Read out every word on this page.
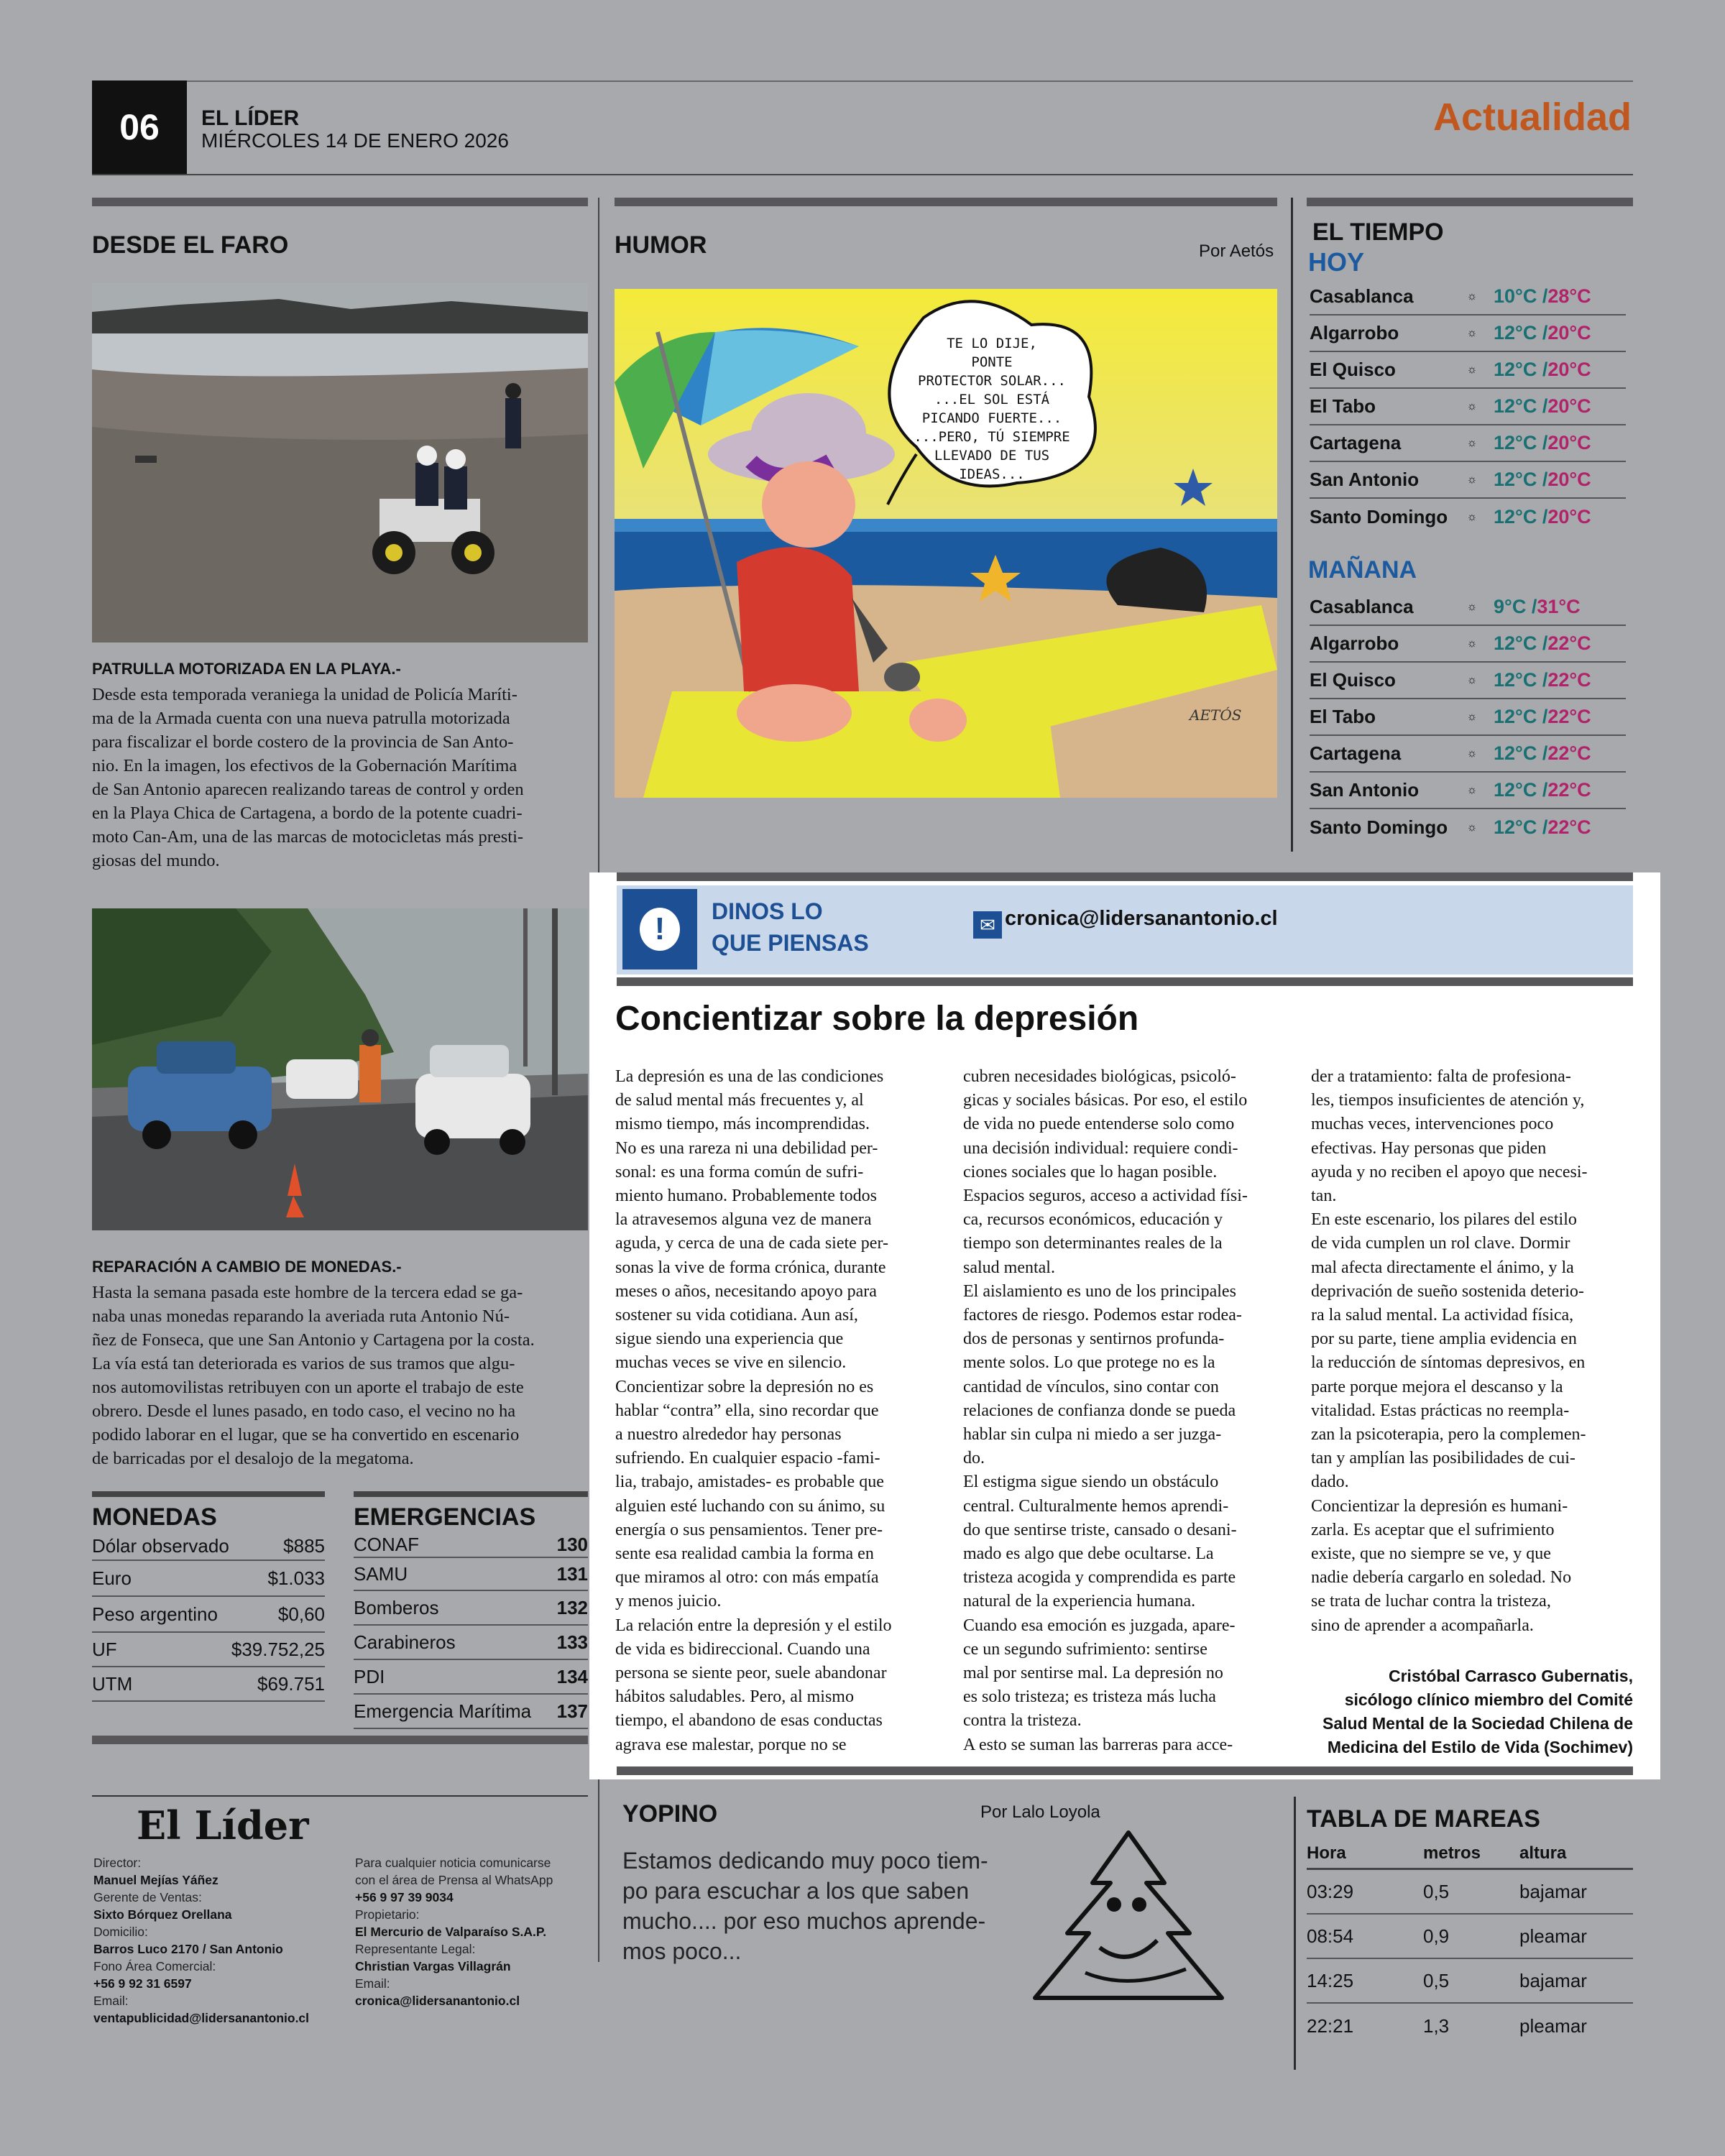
06 EL LÍDER
MIÉRCOLES 14 DE ENERO 2026
Actualidad
DESDE EL FARO
PATRULLA MOTORIZADA EN LA PLAYA.-
Desde esta temporada veraniega la unidad de Policía Maríti-
ma de la Armada cuenta con una nueva patrulla motorizada
para fiscalizar el borde costero de la provincia de San Anto-
nio. En la imagen, los efectivos de la Gobernación Marítima
de San Antonio aparecen realizando tareas de control y orden
en la Playa Chica de Cartagena, a bordo de la potente cuadri-
moto Can-Am, una de las marcas de motocicletas más presti-
giosas del mundo.
REPARACIÓN A CAMBIO DE MONEDAS.-
Hasta la semana pasada este hombre de la tercera edad se ga-
naba unas monedas reparando la averiada ruta Antonio Nú-
ñez de Fonseca, que une San Antonio y Cartagena por la costa.
La vía está tan deteriorada es varios de sus tramos que algu-
nos automovilistas retribuyen con un aporte el trabajo de este
obrero. Desde el lunes pasado, en todo caso, el vecino no ha
podido laborar en el lugar, que se ha convertido en escenario
de barricadas por el desalojo de la megatoma.
MONEDAS
Dólar observado	$885
Euro	$1.033
Peso argentino	$0,60
UF	$39.752,25
UTM	$69.751
EMERGENCIAS
CONAF	130
SAMU	131
Bomberos	132
Carabineros	133
PDI	134
Emergencia Marítima 137
HUMOR	Por Aetós
TE LO DIJE,
PONTE
PROTECTOR SOLAR...
...EL SOL ESTÁ
PICANDO FUERTE...
...PERO, TÚ SIEMPRE
LLEVADO DE TUS
IDEAS...
AETÓS
EL TIEMPO
HOY
Casablanca	☼ 10°C /28°C
Algarrobo	☼ 12°C /20°C
El Quisco	☼ 12°C /20°C
El Tabo	☼ 12°C /20°C
Cartagena	☼ 12°C /20°C
San Antonio	☼ 12°C /20°C
Santo Domingo	☼ 12°C /20°C
MAÑANA
Casablanca	☼ 9°C /31°C
Algarrobo	☼ 12°C /22°C
El Quisco	☼ 12°C /22°C
El Tabo	☼ 12°C /22°C
Cartagena	☼ 12°C /22°C
San Antonio	☼ 12°C /22°C
Santo Domingo	☼ 12°C /22°C
!	DINOS LO
QUE PIENSAS
✉ cronica@lidersanantonio.cl
Concientizar sobre la depresión

La depresión es una de las condiciones

de salud mental más frecuentes y, al

mismo tiempo, más incomprendidas.

No es una rareza ni una debilidad per-

sonal: es una forma común de sufri-

miento humano. Probablemente todos

la atravesemos alguna vez de manera

aguda, y cerca de una de cada siete per-

sonas la vive de forma crónica, durante

meses o años, necesitando apoyo para

sostener su vida cotidiana. Aun así,

sigue siendo una experiencia que

muchas veces se vive en silencio.

Concientizar sobre la depresión no es

hablar “contra” ella, sino recordar que

a nuestro alrededor hay personas

sufriendo. En cualquier espacio -fami-

lia, trabajo, amistades- es probable que

alguien esté luchando con su ánimo, su

energía o sus pensamientos. Tener pre-

sente esa realidad cambia la forma en

que miramos al otro: con más empatía

y menos juicio.

La relación entre la depresión y el estilo

de vida es bidireccional. Cuando una

persona se siente peor, suele abandonar

hábitos saludables. Pero, al mismo

tiempo, el abandono de esas conductas

agrava ese malestar, porque no se

cubren necesidades biológicas, psicoló-

gicas y sociales básicas. Por eso, el estilo

de vida no puede entenderse solo como

una decisión individual: requiere condi-

ciones sociales que lo hagan posible.

Espacios seguros, acceso a actividad físi-

ca, recursos económicos, educación y

tiempo son determinantes reales de la

salud mental.

El aislamiento es uno de los principales

factores de riesgo. Podemos estar rodea-

dos de personas y sentirnos profunda-

mente solos. Lo que protege no es la

cantidad de vínculos, sino contar con

relaciones de confianza donde se pueda

hablar sin culpa ni miedo a ser juzga-

do.

El estigma sigue siendo un obstáculo

central. Culturalmente hemos aprendi-

do que sentirse triste, cansado o desani-

mado es algo que debe ocultarse. La

tristeza acogida y comprendida es parte

natural de la experiencia humana.

Cuando esa emoción es juzgada, apare-

ce un segundo sufrimiento: sentirse

mal por sentirse mal. La depresión no

es solo tristeza; es tristeza más lucha

contra la tristeza.

A esto se suman las barreras para acce-

der a tratamiento: falta de profesiona-

les, tiempos insuficientes de atención y,

muchas veces, intervenciones poco

efectivas. Hay personas que piden

ayuda y no reciben el apoyo que necesi-

tan.

En este escenario, los pilares del estilo

de vida cumplen un rol clave. Dormir

mal afecta directamente el ánimo, y la

deprivación de sueño sostenida deterio-

ra la salud mental. La actividad física,

por su parte, tiene amplia evidencia en

la reducción de síntomas depresivos, en

parte porque mejora el descanso y la

vitalidad. Estas prácticas no reempla-

zan la psicoterapia, pero la complemen-

tan y amplían las posibilidades de cui-

dado.

Concientizar la depresión es humani-

zarla. Es aceptar que el sufrimiento

existe, que no siempre se ve, y que

nadie debería cargarlo en soledad. No

se trata de luchar contra la tristeza,

sino de aprender a acompañarla.

Cristóbal Carrasco Gubernatis,
sicólogo clínico miembro del Comité
Salud Mental de la Sociedad Chilena de
Medicina del Estilo de Vida (Sochimev)
El Líder
Director:
Manuel Mejías Yáñez
Gerente de Ventas:
Sixto Bórquez Orellana
Domicilio:
Barros Luco 2170 / San Antonio
Fono Área Comercial:
+56 9 92 31 6597
Email:
ventapublicidad@lidersanantonio.cl
Para cualquier noticia comunicarse
con el área de Prensa al WhatsApp
+56 9 97 39 9034
Propietario:
El Mercurio de Valparaíso S.A.P.
Representante Legal:
Christian Vargas Villagrán
Email:
cronica@lidersanantonio.cl
YOPINO	Por Lalo Loyola
Estamos dedicando muy poco tiem-
po para escuchar a los que saben
mucho.... por eso muchos aprende-
mos poco...
TABLA DE MAREAS
Hora	metros	altura
03:29	0,5	bajamar
08:54	0,9	pleamar
14:25	0,5	bajamar
22:21	1,3	pleamar
